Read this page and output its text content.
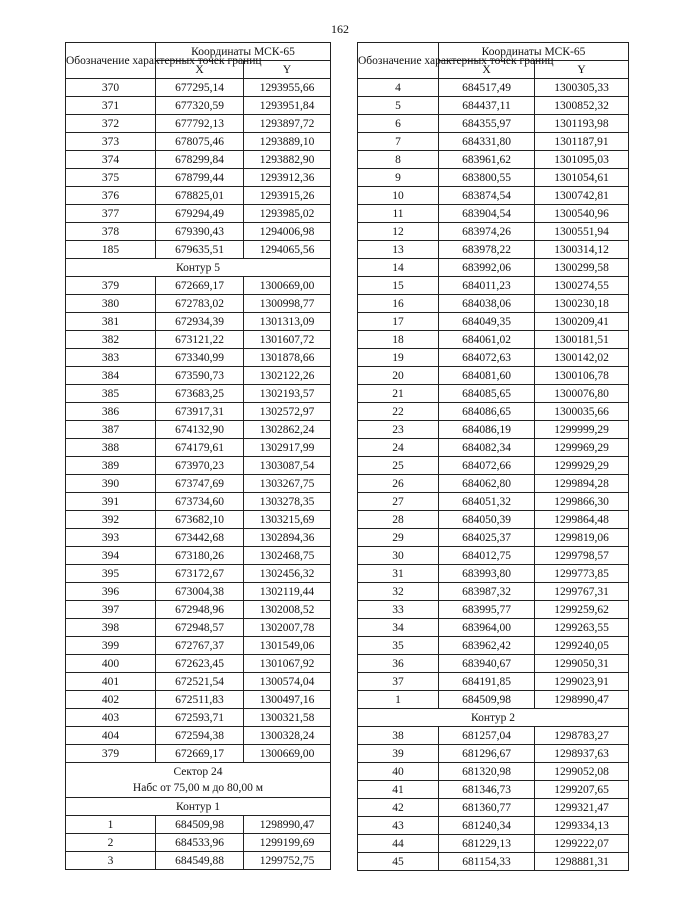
162
Обозначение характерных точек границ	Координаты МСК-65	
	X	Y
370	677295,14	1293955,66
371	677320,59	1293951,84
372	677792,13	1293897,72
373	678075,46	1293889,10
374	678299,84	1293882,90
375	678799,44	1293912,36
376	678825,01	1293915,26
377	679294,49	1293985,02
378	679390,43	1294006,98
185	679635,51	1294065,56
Контур 5		
379	672669,17	1300669,00
380	672783,02	1300998,77
381	672934,39	1301313,09
382	673121,22	1301607,72
383	673340,99	1301878,66
384	673590,73	1302122,26
385	673683,25	1302193,57
386	673917,31	1302572,97
387	674132,90	1302862,24
388	674179,61	1302917,99
389	673970,23	1303087,54
390	673747,69	1303267,75
391	673734,60	1303278,35
392	673682,10	1303215,69
393	673442,68	1302894,36
394	673180,26	1302468,75
395	673172,67	1302456,32
396	673004,38	1302119,44
397	672948,96	1302008,52
398	672948,57	1302007,78
399	672767,37	1301549,06
400	672623,45	1301067,92
401	672521,54	1300574,04
402	672511,83	1300497,16
403	672593,71	1300321,58
404	672594,38	1300328,24
379	672669,17	1300669,00

Сектор 24
Набс от 75,00 м до 80,00 м		

Контур 1		
1	684509,98	1298990,47
2	684533,96	1299199,69
3	684549,88	1299752,75
Обозначение характерных точек границ	Координаты МСК-65	
	X	Y
4	684517,49	1300305,33
5	684437,11	1300852,32
6	684355,97	1301193,98
7	684331,80	1301187,91
8	683961,62	1301095,03
9	683800,55	1301054,61
10	683874,54	1300742,81
11	683904,54	1300540,96
12	683974,26	1300551,94
13	683978,22	1300314,12
14	683992,06	1300299,58
15	684011,23	1300274,55
16	684038,06	1300230,18
17	684049,35	1300209,41
18	684061,02	1300181,51
19	684072,63	1300142,02
20	684081,60	1300106,78
21	684085,65	1300076,80
22	684086,65	1300035,66
23	684086,19	1299999,29
24	684082,34	1299969,29
25	684072,66	1299929,29
26	684062,80	1299894,28
27	684051,32	1299866,30
28	684050,39	1299864,48
29	684025,37	1299819,06
30	684012,75	1299798,57
31	683993,80	1299773,85
32	683987,32	1299767,31
33	683995,77	1299259,62
34	683964,00	1299263,55
35	683962,42	1299240,05
36	683940,67	1299050,31
37	684191,85	1299023,91
1	684509,98	1298990,47
Контур 2		
38	681257,04	1298783,27
39	681296,67	1298937,63
40	681320,98	1299052,08
41	681346,73	1299207,65
42	681360,77	1299321,47
43	681240,34	1299334,13
44	681229,13	1299222,07
45	681154,33	1298881,31
